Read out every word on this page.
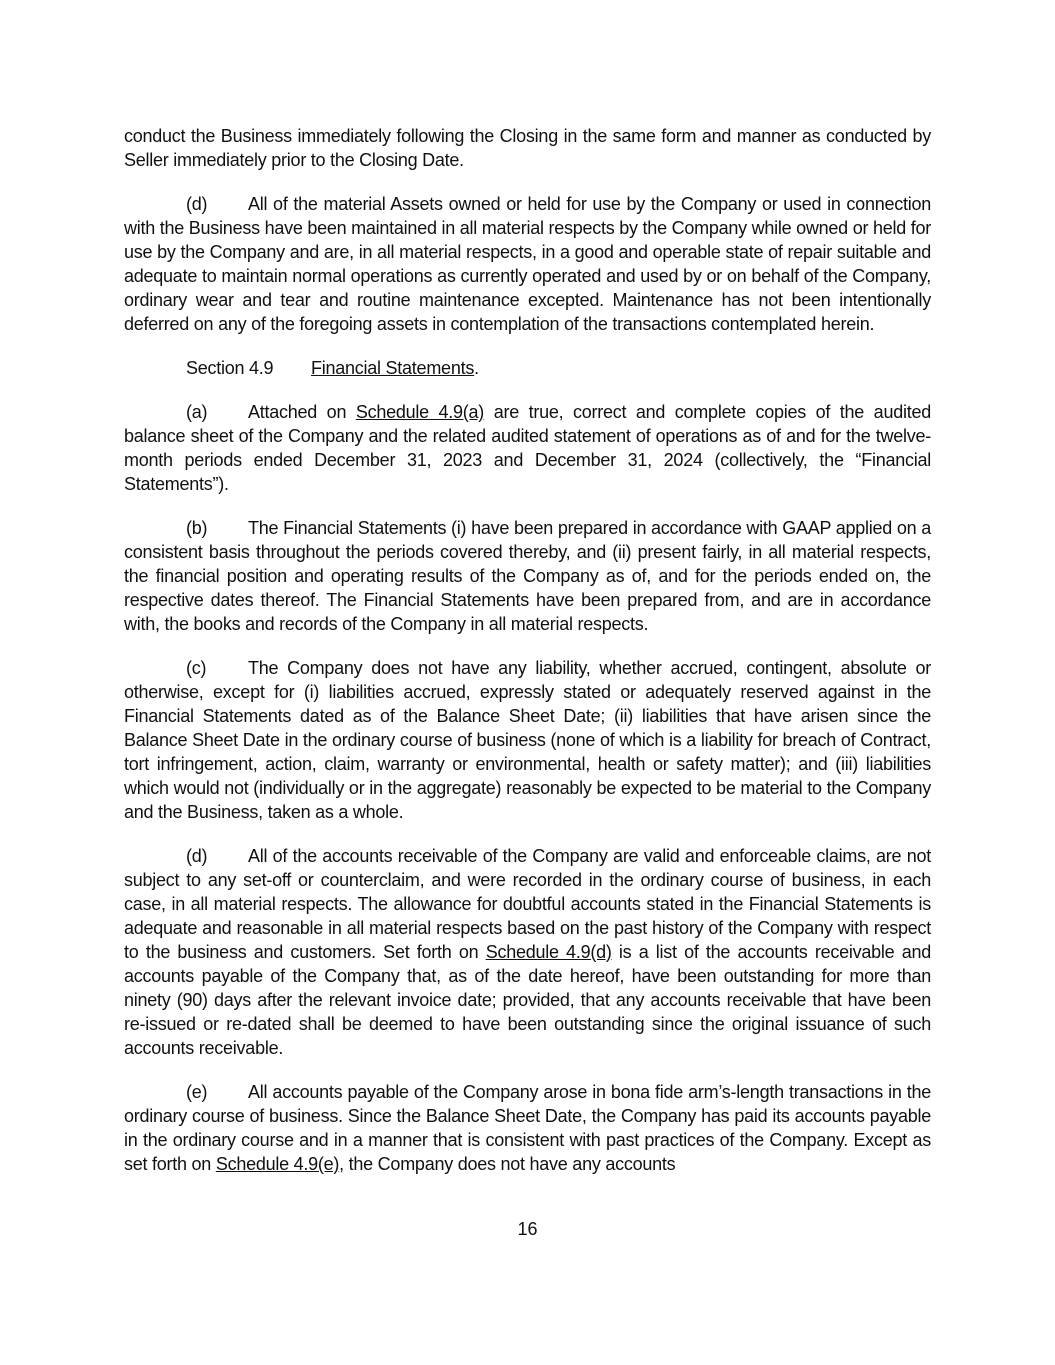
conduct the Business immediately following the Closing in the same form and manner as conducted by Seller immediately prior to the Closing Date.

(d) All of the material Assets owned or held for use by the Company or used in connection with the Business have been maintained in all material respects by the Company while owned or held for use by the Company and are, in all material respects, in a good and operable state of repair suitable and adequate to maintain normal operations as currently operated and used by or on behalf of the Company, ordinary wear and tear and routine maintenance excepted. Maintenance has not been intentionally deferred on any of the foregoing assets in contemplation of the transactions contemplated herein.

Section 4.9 Financial Statements.

(a) Attached on Schedule 4.9(a) are true, correct and complete copies of the audited balance sheet of the Company and the related audited statement of operations as of and for the twelve-month periods ended December 31, 2023 and December 31, 2024 (collectively, the “Financial Statements”).

(b) The Financial Statements (i) have been prepared in accordance with GAAP applied on a consistent basis throughout the periods covered thereby, and (ii) present fairly, in all material respects, the financial position and operating results of the Company as of, and for the periods ended on, the respective dates thereof. The Financial Statements have been prepared from, and are in accordance with, the books and records of the Company in all material respects.

(c) The Company does not have any liability, whether accrued, contingent, absolute or otherwise, except for (i) liabilities accrued, expressly stated or adequately reserved against in the Financial Statements dated as of the Balance Sheet Date; (ii) liabilities that have arisen since the Balance Sheet Date in the ordinary course of business (none of which is a liability for breach of Contract, tort infringement, action, claim, warranty or environmental, health or safety matter); and (iii) liabilities which would not (individually or in the aggregate) reasonably be expected to be material to the Company and the Business, taken as a whole.

(d) All of the accounts receivable of the Company are valid and enforceable claims, are not subject to any set-off or counterclaim, and were recorded in the ordinary course of business, in each case, in all material respects. The allowance for doubtful accounts stated in the Financial Statements is adequate and reasonable in all material respects based on the past history of the Company with respect to the business and customers. Set forth on Schedule 4.9(d) is a list of the accounts receivable and accounts payable of the Company that, as of the date hereof, have been outstanding for more than ninety (90) days after the relevant invoice date; provided, that any accounts receivable that have been re-issued or re-dated shall be deemed to have been outstanding since the original issuance of such accounts receivable.

(e) All accounts payable of the Company arose in bona fide arm’s-length transactions in the ordinary course of business. Since the Balance Sheet Date, the Company has paid its accounts payable in the ordinary course and in a manner that is consistent with past practices of the Company. Except as set forth on Schedule 4.9(e), the Company does not have any accounts

16
